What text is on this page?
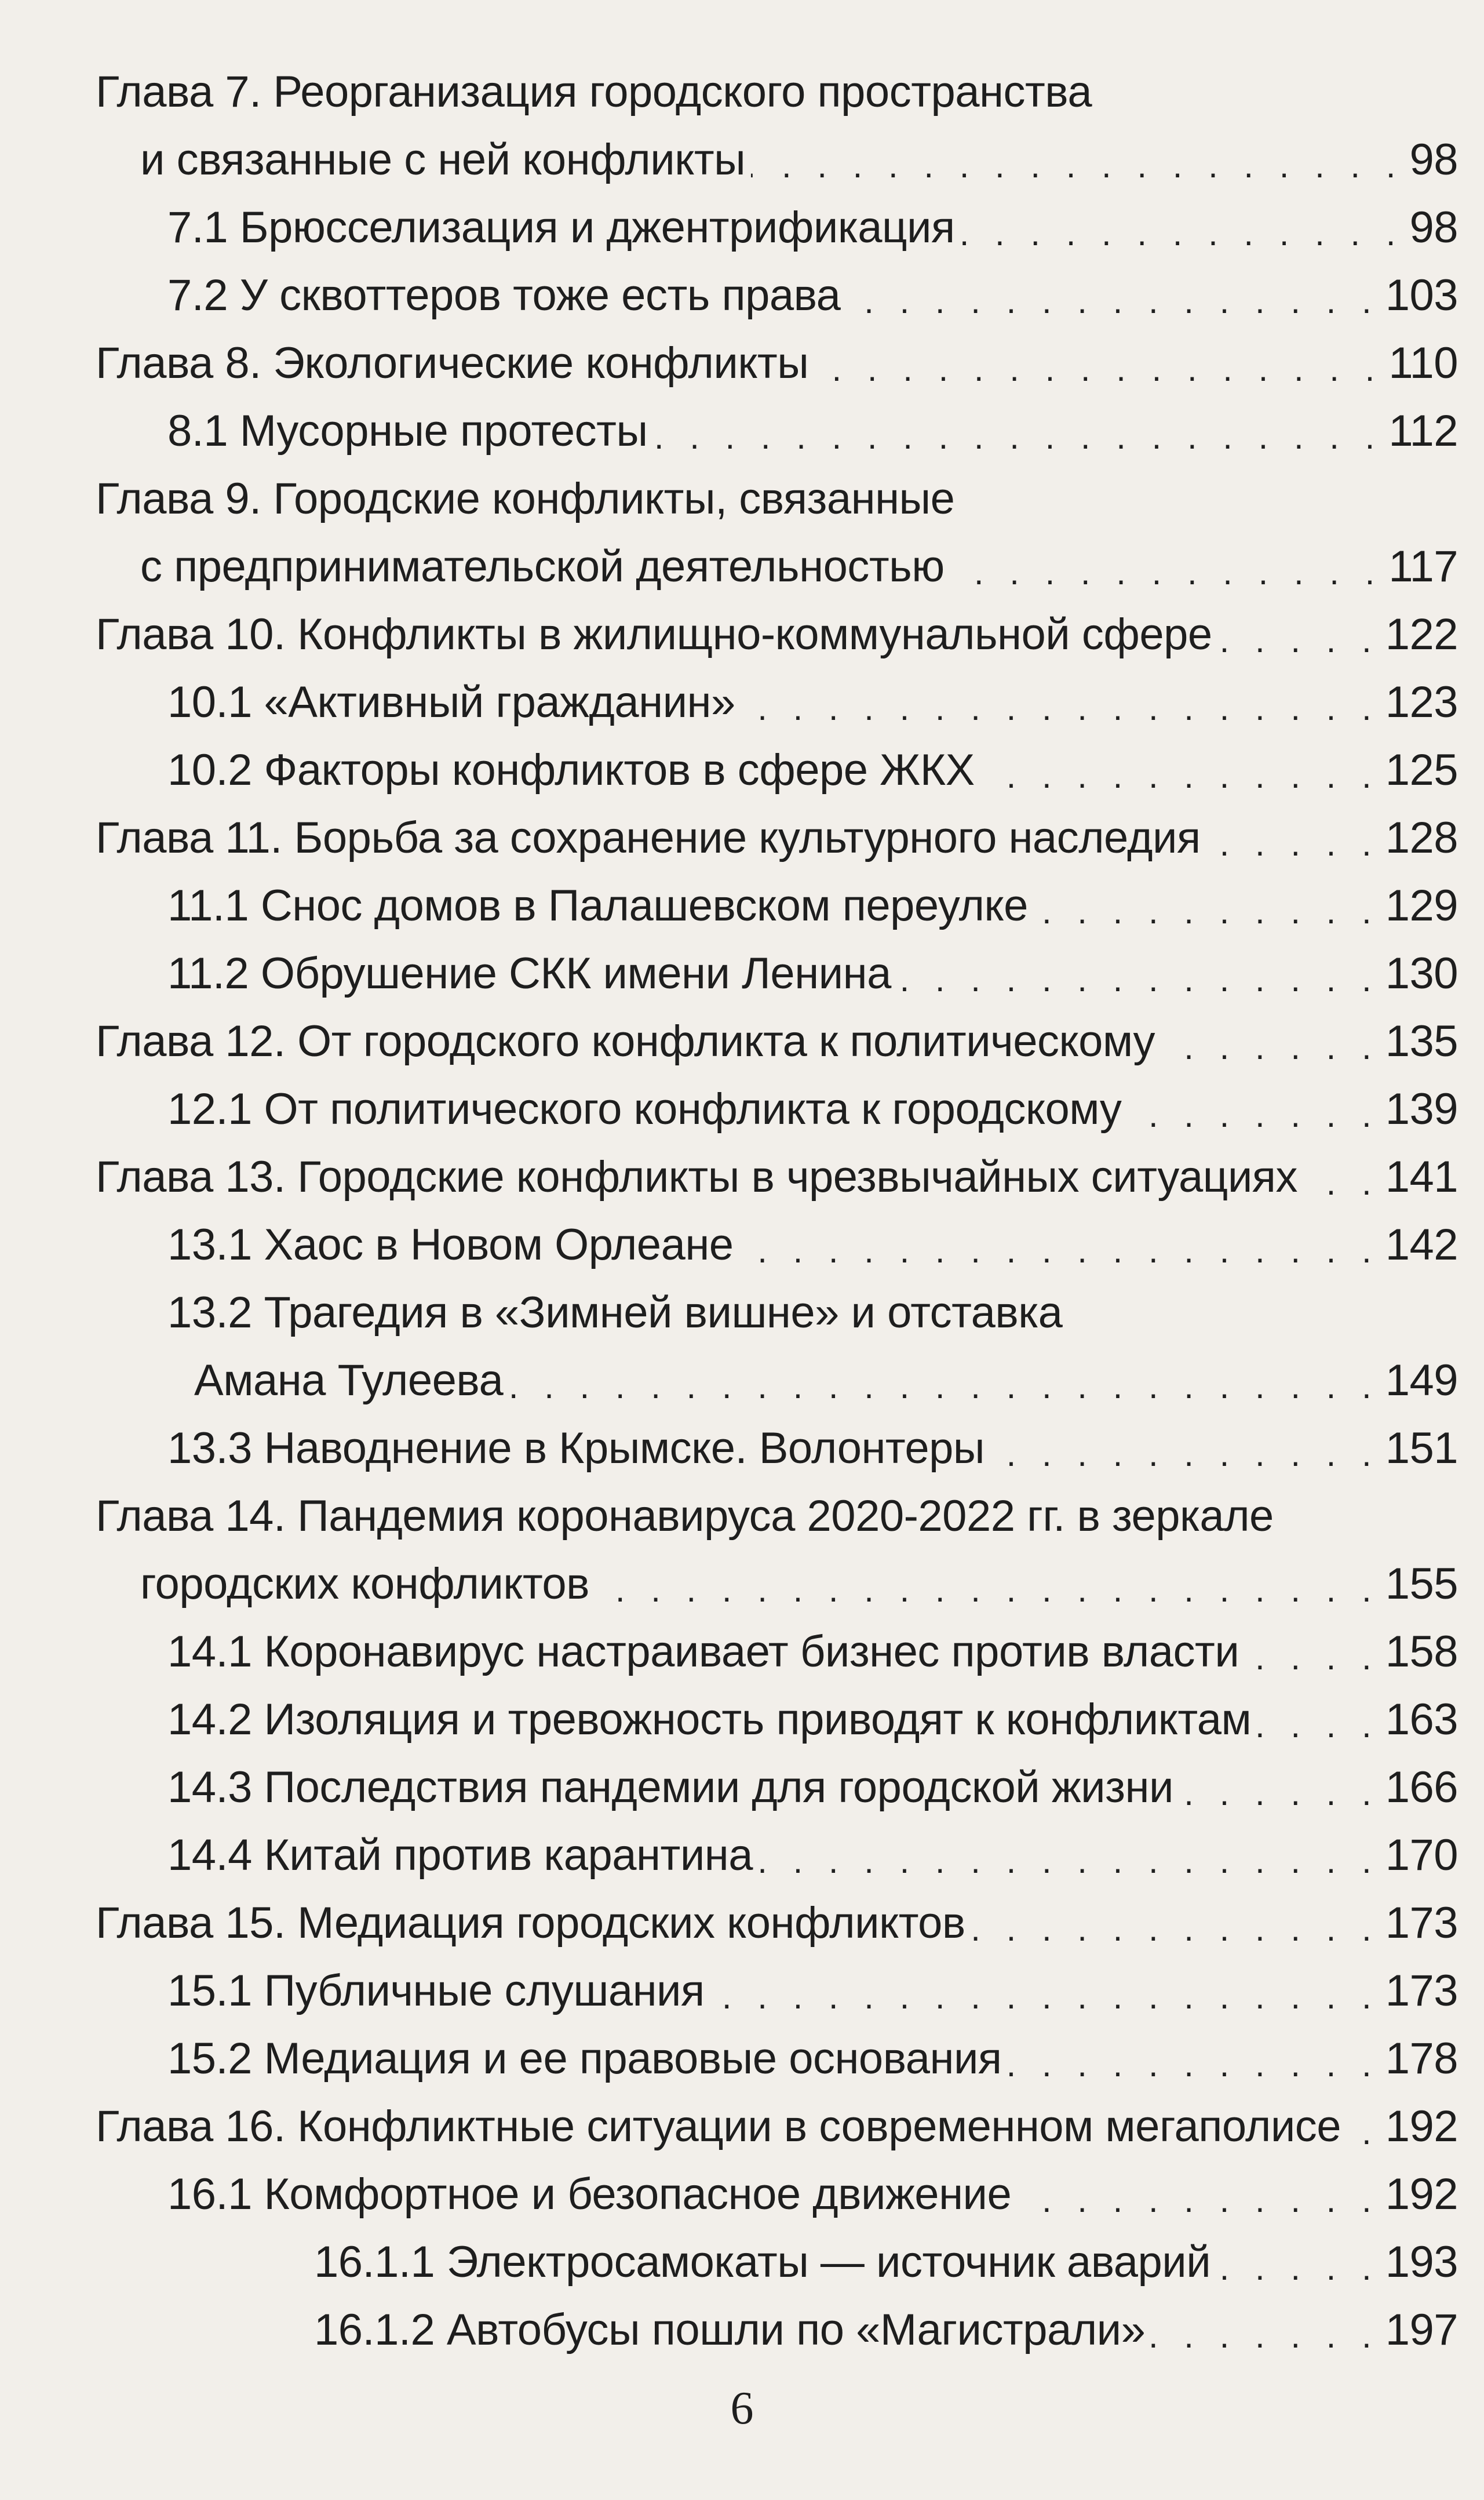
Глава 7. Реорганизация городского пространства
и связанные с ней конфликты . . .	98
7.1 Брюсселизация и джентрификация . . .	98
7.2 У сквоттеров тоже есть права . . .	103
Глава 8. Экологические конфликты . . .	110
8.1 Мусорные протесты . . .	112
Глава 9. Городские конфликты, связанные
с предпринимательской деятельностью . . .	117
Глава 10. Конфликты в жилищно-коммунальной сфере . . .	122
10.1 «Активный гражданин» . . .	123
10.2 Факторы конфликтов в сфере ЖКХ . . .	125
Глава 11. Борьба за сохранение культурного наследия . . .	128
11.1 Снос домов в Палашевском переулке . . .	129
11.2 Обрушение СКК имени Ленина . . .	130
Глава 12. От городского конфликта к политическому . . .	135
12.1 От политического конфликта к городскому . . .	139
Глава 13. Городские конфликты в чрезвычайных ситуациях . . . 141
13.1 Хаос в Новом Орлеане . . .	142
13.2 Трагедия в «Зимней вишне» и отставка
Амана Тулеева . . .	149
13.3 Наводнение в Крымске. Волонтеры . . .	151
Глава 14. Пандемия коронавируса 2020-2022 гг. в зеркале
городских конфликтов . . .	155
14.1 Коронавирус настраивает бизнес против власти . . .	158
14.2 Изоляция и тревожность приводят к конфликтам . . .	163
14.3 Последствия пандемии для городской жизни . . .	166
14.4 Китай против карантина . . .	170
Глава 15. Медиация городских конфликтов . . .	173
15.1 Публичные слушания . . .	173
15.2 Медиация и ее правовые основания . . .	178
Глава 16. Конфликтные ситуации в современном мегаполисе . . . 192
16.1 Комфортное и безопасное движение . . .	192
16.1.1 Электросамокаты — источник аварий . . .	193
16.1.2 Автобусы пошли по «Магистрали» . . .	197
6
